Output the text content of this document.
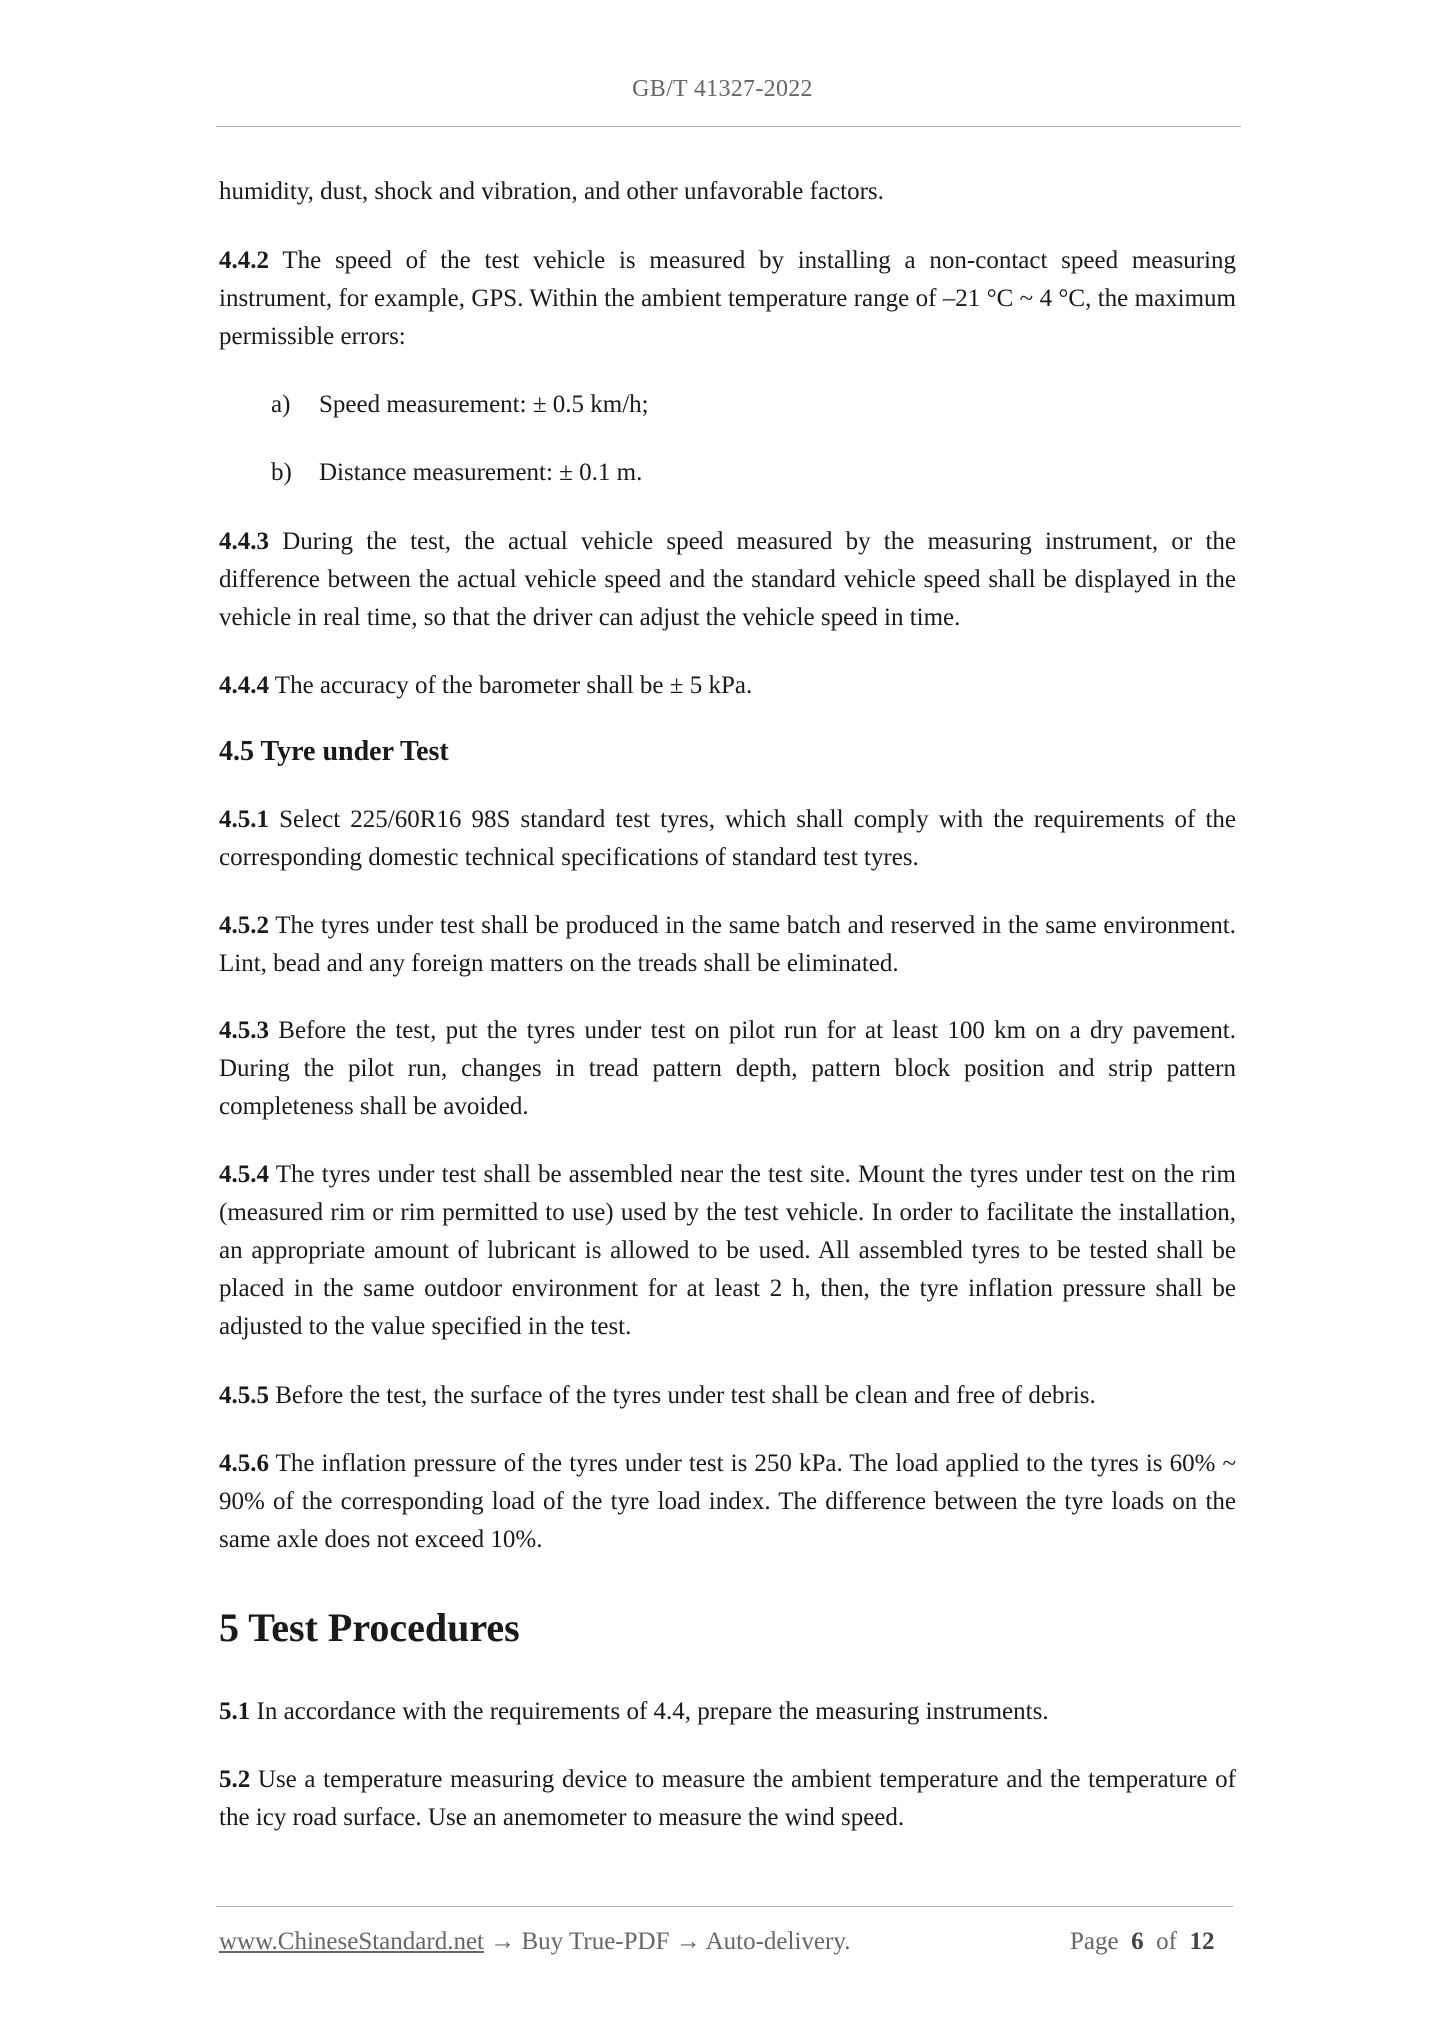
GB/T 41327-2022
humidity, dust, shock and vibration, and other unfavorable factors.
4.4.2 The speed of the test vehicle is measured by installing a non-contact speed measuring instrument, for example, GPS. Within the ambient temperature range of –21 °C ~ 4 °C, the maximum permissible errors:
a) Speed measurement: ± 0.5 km/h;
b) Distance measurement: ± 0.1 m.
4.4.3 During the test, the actual vehicle speed measured by the measuring instrument, or the difference between the actual vehicle speed and the standard vehicle speed shall be displayed in the vehicle in real time, so that the driver can adjust the vehicle speed in time.
4.4.4 The accuracy of the barometer shall be ± 5 kPa.
4.5 Tyre under Test
4.5.1 Select 225/60R16 98S standard test tyres, which shall comply with the requirements of the corresponding domestic technical specifications of standard test tyres.
4.5.2 The tyres under test shall be produced in the same batch and reserved in the same environment. Lint, bead and any foreign matters on the treads shall be eliminated.
4.5.3 Before the test, put the tyres under test on pilot run for at least 100 km on a dry pavement. During the pilot run, changes in tread pattern depth, pattern block position and strip pattern completeness shall be avoided.
4.5.4 The tyres under test shall be assembled near the test site. Mount the tyres under test on the rim (measured rim or rim permitted to use) used by the test vehicle. In order to facilitate the installation, an appropriate amount of lubricant is allowed to be used. All assembled tyres to be tested shall be placed in the same outdoor environment for at least 2 h, then, the tyre inflation pressure shall be adjusted to the value specified in the test.
4.5.5 Before the test, the surface of the tyres under test shall be clean and free of debris.
4.5.6 The inflation pressure of the tyres under test is 250 kPa. The load applied to the tyres is 60% ~ 90% of the corresponding load of the tyre load index. The difference between the tyre loads on the same axle does not exceed 10%.
5 Test Procedures
5.1 In accordance with the requirements of 4.4, prepare the measuring instruments.
5.2 Use a temperature measuring device to measure the ambient temperature and the temperature of the icy road surface. Use an anemometer to measure the wind speed.
www.ChineseStandard.net → Buy True-PDF → Auto-delivery.	Page 6 of 12
